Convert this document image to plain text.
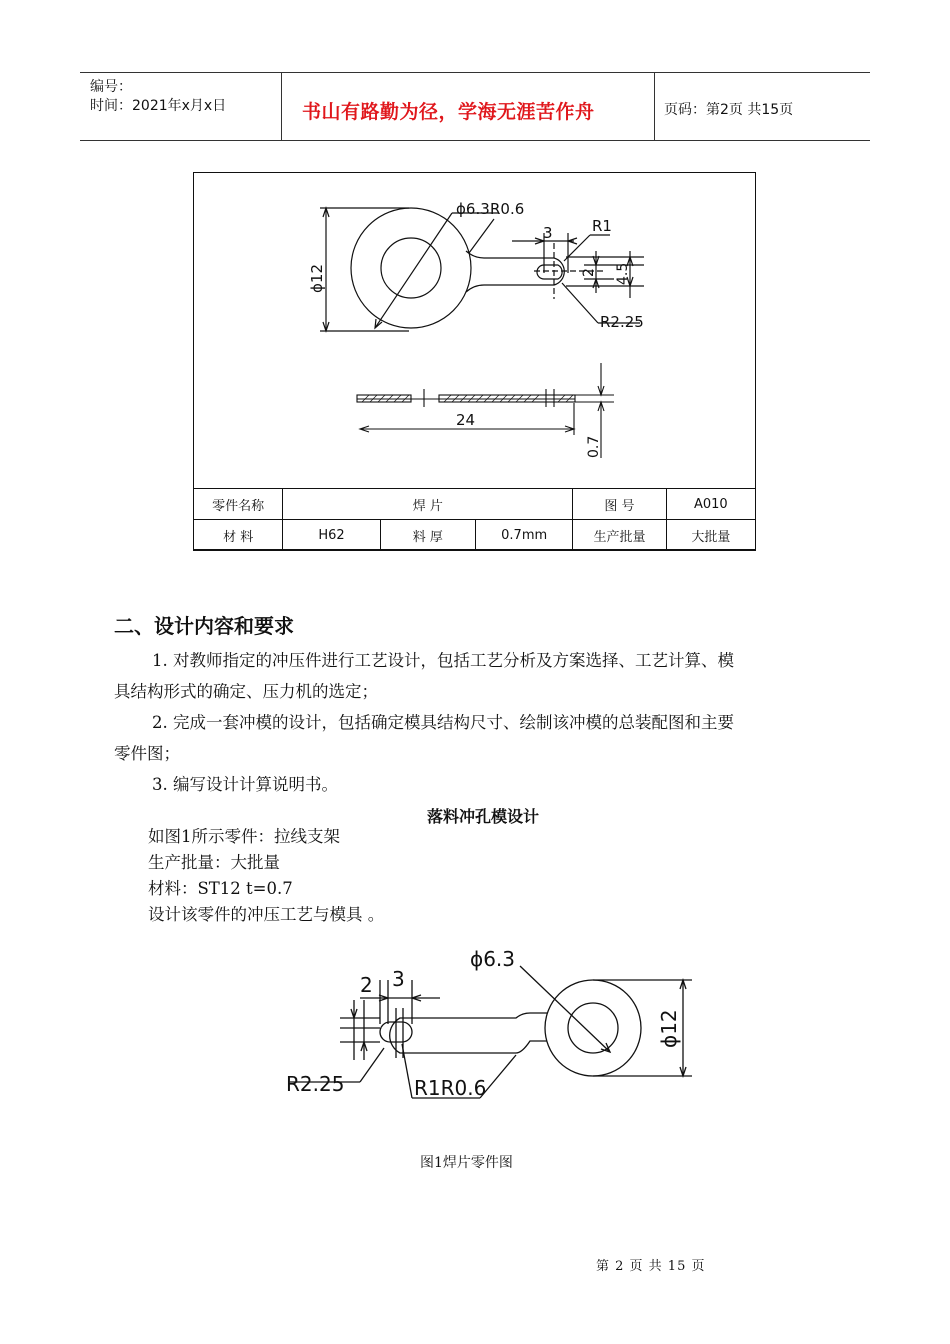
编号：
时间：2021年x月x日	书山有路勤为径，学海无涯苦作舟	页码：第2页 共15页
ϕ6.3 R0.6
3	R1
ϕ12	2 4.5
R2.25
24
0.7
零件名称	焊 片			图 号	A010
材 料	H62	料 厚	0.7mm	生产批量	大批量
二、设计内容和要求
1. 对教师指定的冲压件进行工艺设计，包括工艺分析及方案选择、工艺计算、模
具结构形式的确定、压力机的选定；
2. 完成一套冲模的设计，包括确定模具结构尺寸、绘制该冲模的总装配图和主要
零件图；
3. 编写设计计算说明书。
落料冲孔模设计
如图1所示零件：拉线支架
生产批量：大批量
材料：ST12 t=0.7
设计该零件的冲压工艺与模具 。
ϕ6.3
2 3
ϕ12
R2.25	R1R0.6
图1焊片零件图
第 2 页 共 15 页
